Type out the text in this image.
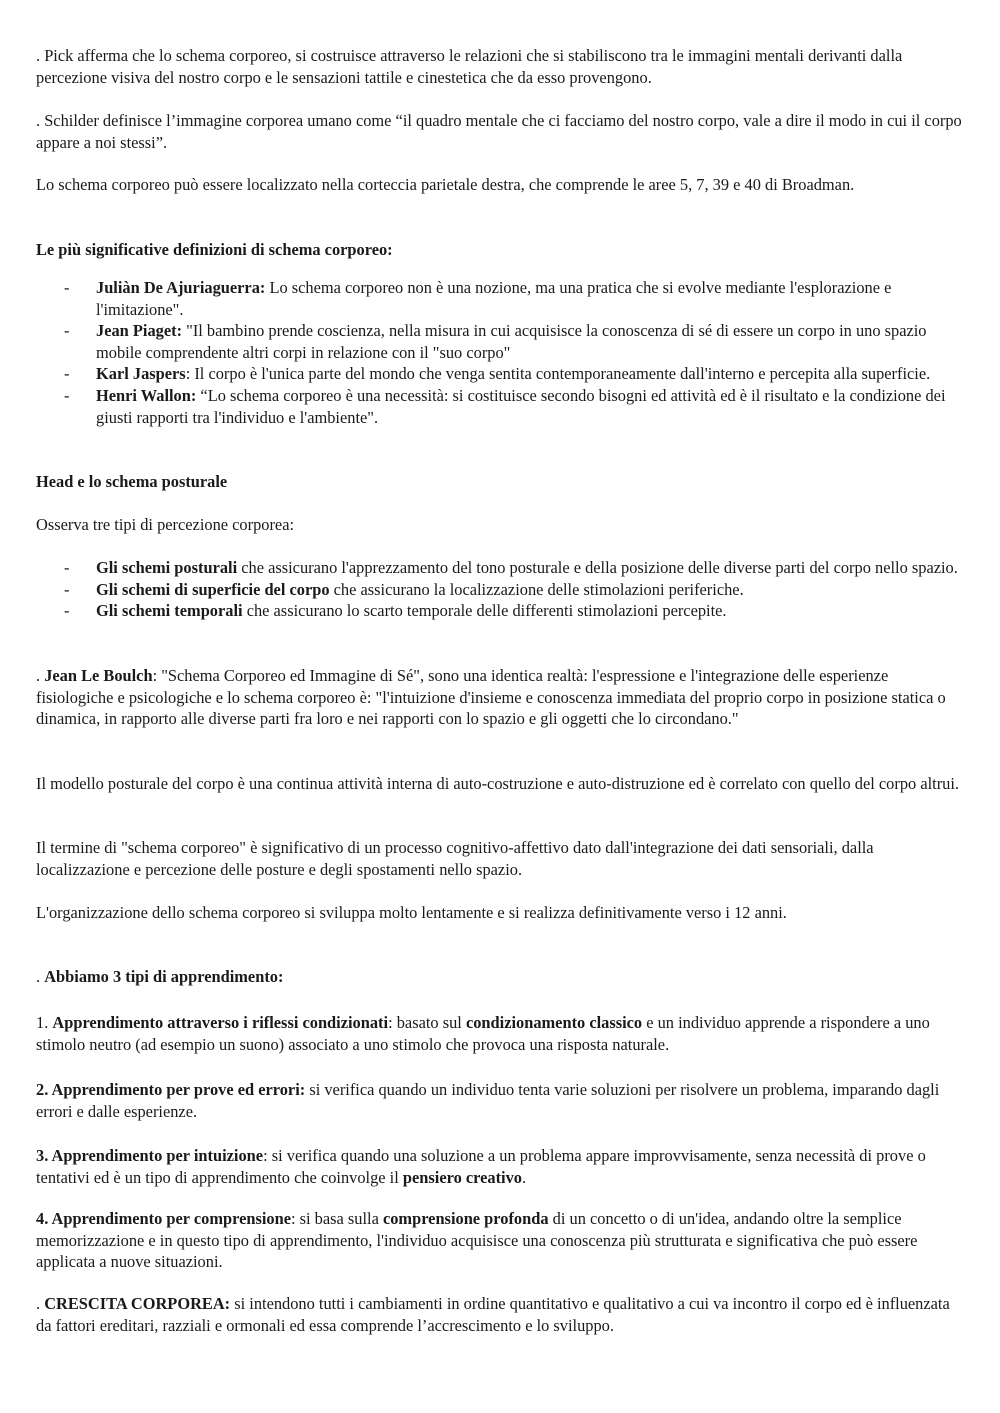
. Pick afferma che lo schema corporeo, si costruisce attraverso le relazioni che si stabiliscono tra le immagini mentali derivanti dalla percezione visiva del nostro corpo e le sensazioni tattile e cinestetica che da esso provengono.

. Schilder definisce l’immagine corporea umano come “il quadro mentale che ci facciamo del nostro corpo, vale a dire il modo in cui il corpo appare a noi stessi”.

Lo schema corporeo può essere localizzato nella corteccia parietale destra, che comprende le aree 5, 7, 39 e 40 di Broadman.

Le più significative definizioni di schema corporeo:

- Juliàn De Ajuriaguerra: Lo schema corporeo non è una nozione, ma una pratica che si evolve mediante l'esplorazione e l'imitazione".
- Jean Piaget: "Il bambino prende coscienza, nella misura in cui acquisisce la conoscenza di sé di essere un corpo in uno spazio mobile comprendente altri corpi in relazione con il "suo corpo"
- Karl Jaspers: Il corpo è l'unica parte del mondo che venga sentita contemporaneamente dall'interno e percepita alla superficie.
- Henri Wallon: “Lo schema corporeo è una necessità: si costituisce secondo bisogni ed attività ed è il risultato e la condizione dei giusti rapporti tra l'individuo e l'ambiente".

Head e lo schema posturale

Osserva tre tipi di percezione corporea:

- Gli schemi posturali che assicurano l'apprezzamento del tono posturale e della posizione delle diverse parti del corpo nello spazio.
- Gli schemi di superficie del corpo che assicurano la localizzazione delle stimolazioni periferiche.
- Gli schemi temporali che assicurano lo scarto temporale delle differenti stimolazioni percepite.

. Jean Le Boulch: "Schema Corporeo ed Immagine di Sé", sono una identica realtà: l'espressione e l'integrazione delle esperienze fisiologiche e psicologiche e lo schema corporeo è: "l'intuizione d'insieme e conoscenza immediata del proprio corpo in posizione statica o dinamica, in rapporto alle diverse parti fra loro e nei rapporti con lo spazio e gli oggetti che lo circondano."

Il modello posturale del corpo è una continua attività interna di auto-costruzione e auto-distruzione ed è correlato con quello del corpo altrui.

Il termine di "schema corporeo" è significativo di un processo cognitivo-affettivo dato dall'integrazione dei dati sensoriali, dalla localizzazione e percezione delle posture e degli spostamenti nello spazio.

L'organizzazione dello schema corporeo si sviluppa molto lentamente e si realizza definitivamente verso i 12 anni.

. Abbiamo 3 tipi di apprendimento:

1. Apprendimento attraverso i riflessi condizionati: basato sul condizionamento classico e un individuo apprende a rispondere a uno stimolo neutro (ad esempio un suono) associato a uno stimolo che provoca una risposta naturale.

2. Apprendimento per prove ed errori: si verifica quando un individuo tenta varie soluzioni per risolvere un problema, imparando dagli errori e dalle esperienze.

3. Apprendimento per intuizione: si verifica quando una soluzione a un problema appare improvvisamente, senza necessità di prove o tentativi ed è un tipo di apprendimento che coinvolge il pensiero creativo.

4. Apprendimento per comprensione: si basa sulla comprensione profonda di un concetto o di un'idea, andando oltre la semplice memorizzazione e in questo tipo di apprendimento, l'individuo acquisisce una conoscenza più strutturata e significativa che può essere applicata a nuove situazioni.

. CRESCITA CORPOREA: si intendono tutti i cambiamenti in ordine quantitativo e qualitativo a cui va incontro il corpo ed è influenzata da fattori ereditari, razziali e ormonali ed essa comprende l’accrescimento e lo sviluppo.
